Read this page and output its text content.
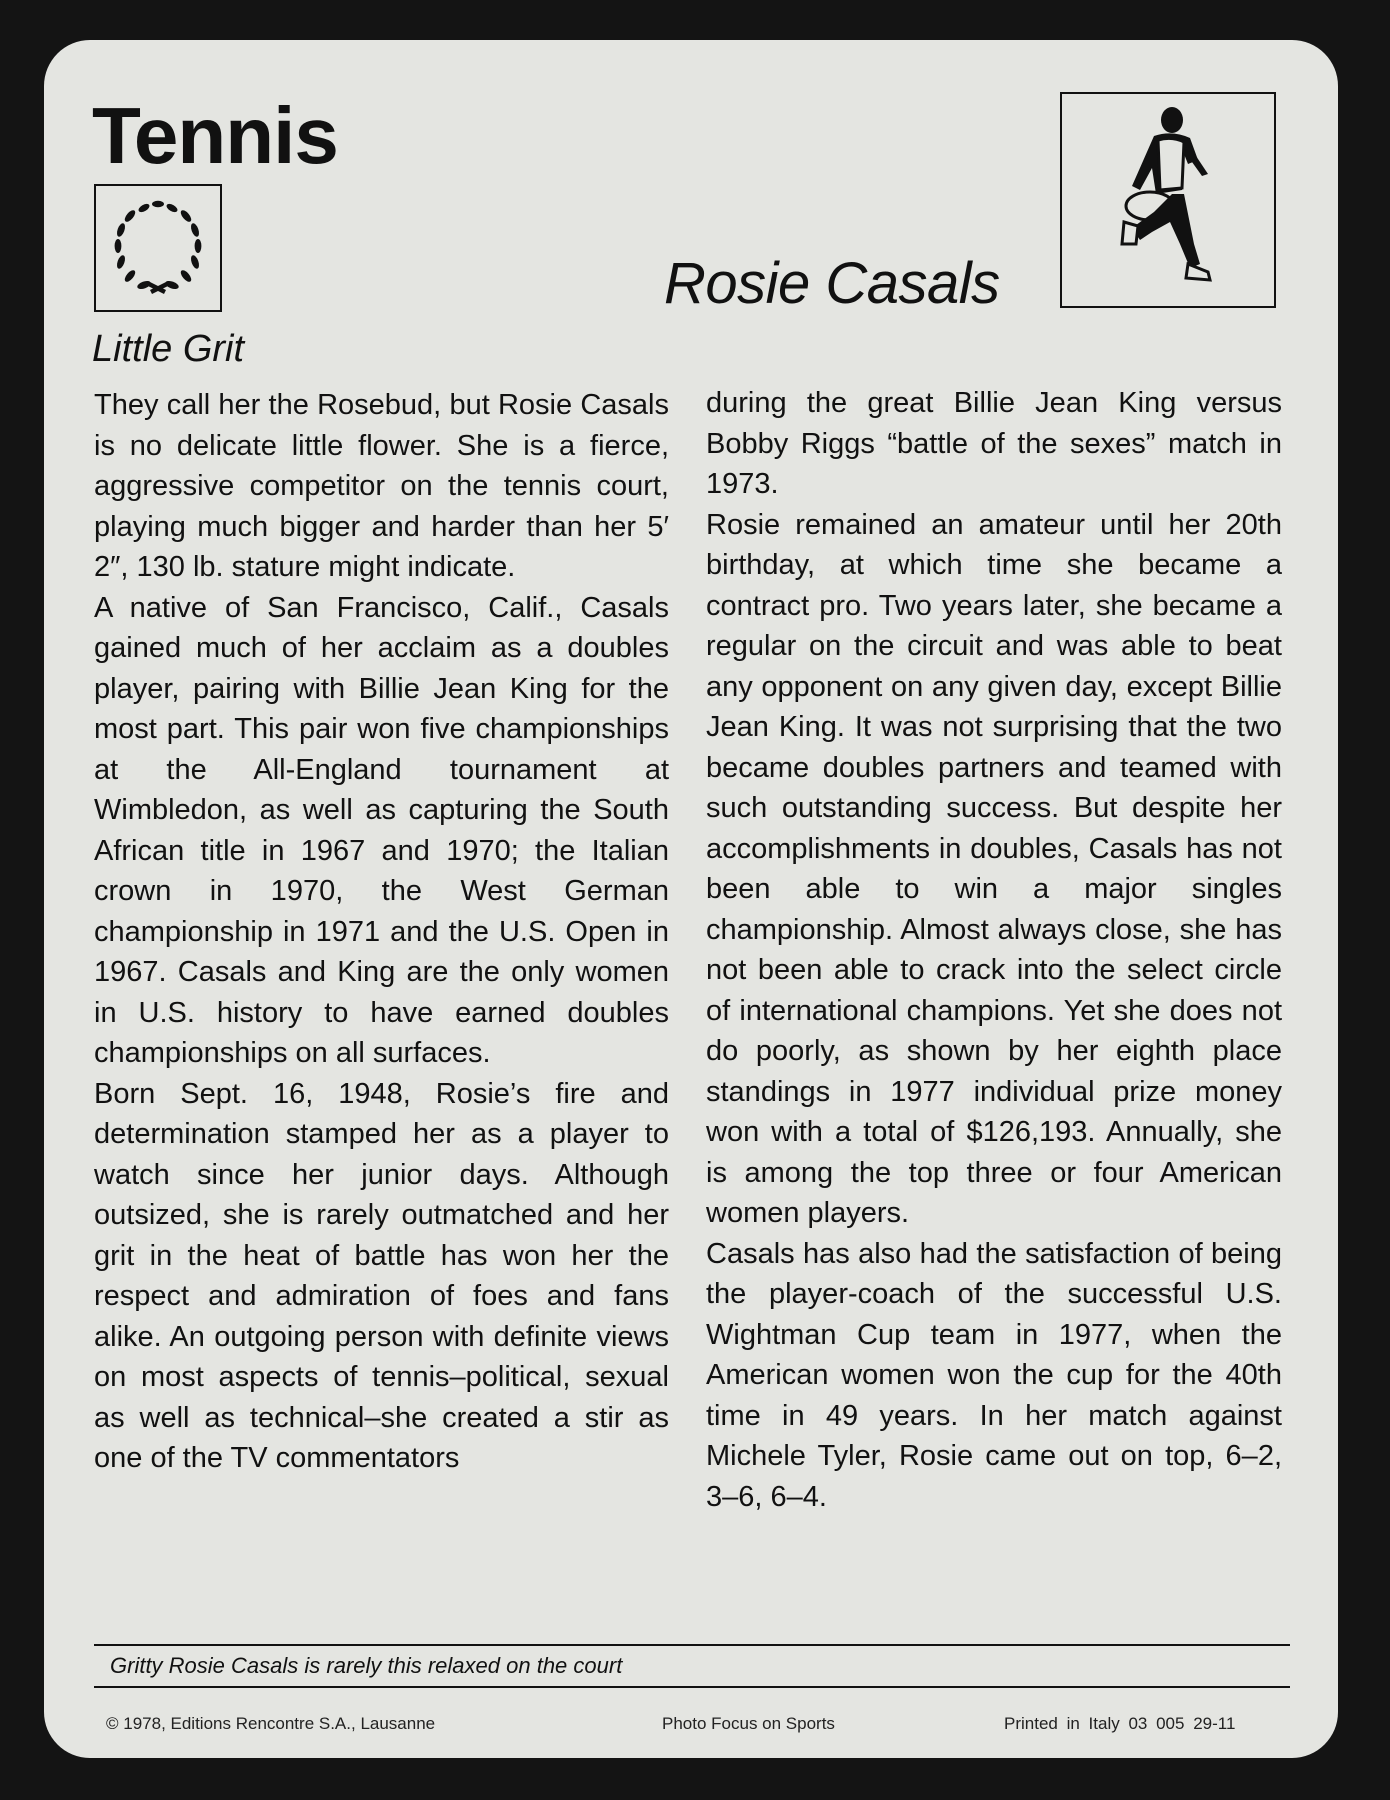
Tennis
Rosie Casals
Little Grit

They call her the Rosebud, but Rosie Casals is no delicate little flower. She is a fierce, aggressive competitor on the tennis court, playing much bigger and harder than her 5′ 2″, 130 lb. stature might indicate.

A native of San Francisco, Calif., Casals gained much of her acclaim as a doubles player, pairing with Billie Jean King for the most part. This pair won five championships at the All-England tournament at Wimbledon, as well as capturing the South African title in 1967 and 1970; the Italian crown in 1970, the West German championship in 1971 and the U.S. Open in 1967. Casals and King are the only women in U.S. history to have earned doubles championships on all surfaces.

Born Sept. 16, 1948, Rosie’s fire and determination stamped her as a player to watch since her junior days. Although outsized, she is rarely outmatched and her grit in the heat of battle has won her the respect and admiration of foes and fans alike. An outgoing person with definite views on most aspects of tennis–political, sexual as well as technical–she created a stir as one of the TV commentators

during the great Billie Jean King versus Bobby Riggs “battle of the sexes” match in 1973.

Rosie remained an amateur until her 20th birthday, at which time she became a contract pro. Two years later, she became a regular on the circuit and was able to beat any opponent on any given day, except Billie Jean King. It was not surprising that the two became doubles partners and teamed with such outstanding success. But despite her accomplishments in doubles, Casals has not been able to win a major singles championship. Almost always close, she has not been able to crack into the select circle of international champions. Yet she does not do poorly, as shown by her eighth place standings in 1977 individual prize money won with a total of $126,193. Annually, she is among the top three or four American women players.

Casals has also had the satisfaction of being the player-coach of the successful U.S. Wightman Cup team in 1977, when the American women won the cup for the 40th time in 49 years. In her match against Michele Tyler, Rosie came out on top, 6–2, 3–6, 6–4.

Gritty Rosie Casals is rarely this relaxed on the court
© 1978, Editions Rencontre S.A., Lausanne	Photo Focus on Sports	Printed in Italy 03 005 29-11
